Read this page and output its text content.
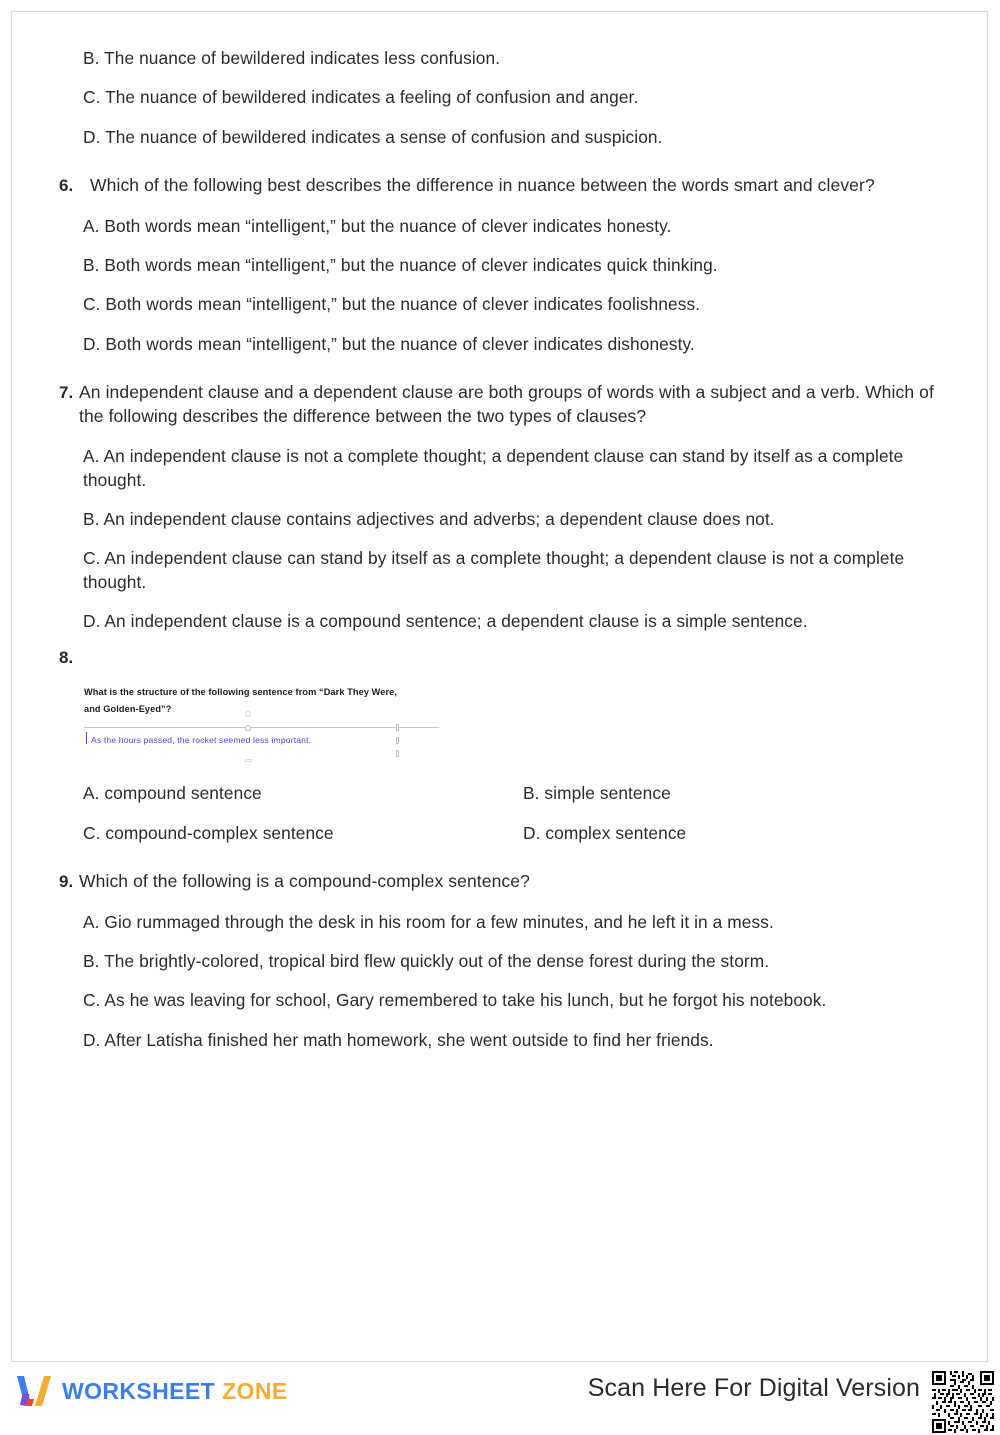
B. The nuance of bewildered indicates less confusion.
C. The nuance of bewildered indicates a feeling of confusion and anger.
D. The nuance of bewildered indicates a sense of confusion and suspicion.
6. Which of the following best describes the difference in nuance between the words smart and clever?
A. Both words mean “intelligent,” but the nuance of clever indicates honesty.
B. Both words mean “intelligent,” but the nuance of clever indicates quick thinking.
C. Both words mean “intelligent,” but the nuance of clever indicates foolishness.
D. Both words mean “intelligent,” but the nuance of clever indicates dishonesty.
7. An independent clause and a dependent clause are both groups of words with a subject and a verb. Which of the following describes the difference between the two types of clauses?
A. An independent clause is not a complete thought; a dependent clause can stand by itself as a complete thought.
B. An independent clause contains adjectives and adverbs; a dependent clause does not.
C. An independent clause can stand by itself as a complete thought; a dependent clause is not a complete thought.
D. An independent clause is a compound sentence; a dependent clause is a simple sentence.
8.
What is the structure of the following sentence from “Dark They Were, and Golden-Eyed”?
As the hours passed, the rocket seemed less important.
A. compound sentence	B. simple sentence
C. compound-complex sentence	D. complex sentence
9. Which of the following is a compound-complex sentence?
A. Gio rummaged through the desk in his room for a few minutes, and he left it in a mess.
B. The brightly-colored, tropical bird flew quickly out of the dense forest during the storm.
C. As he was leaving for school, Gary remembered to take his lunch, but he forgot his notebook.
D. After Latisha finished her math homework, she went outside to find her friends.
WORKSHEET ZONE	Scan Here For Digital Version
